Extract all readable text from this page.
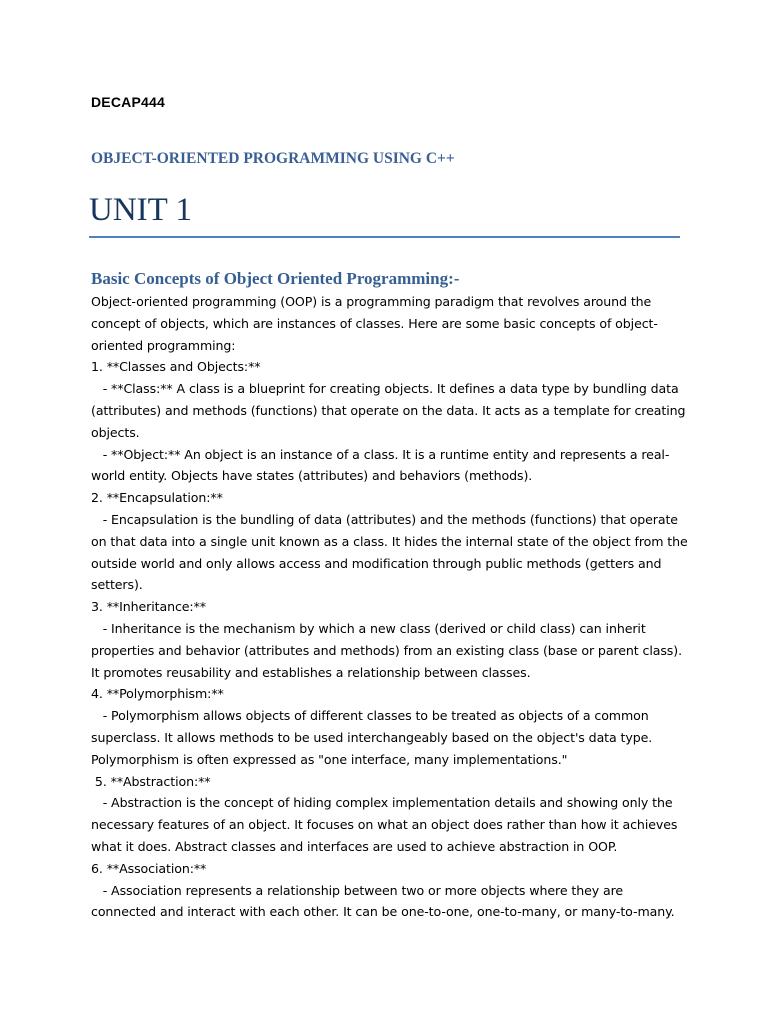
DECAP444
OBJECT-ORIENTED PROGRAMMING USING C++
UNIT 1
Basic Concepts of Object Oriented Programming:-
Object-oriented programming (OOP) is a programming paradigm that revolves around the
concept of objects, which are instances of classes. Here are some basic concepts of object-
oriented programming:
1. **Classes and Objects:**
- **Class:** A class is a blueprint for creating objects. It defines a data type by bundling data
(attributes) and methods (functions) that operate on the data. It acts as a template for creating
objects.
- **Object:** An object is an instance of a class. It is a runtime entity and represents a real-
world entity. Objects have states (attributes) and behaviors (methods).
2. **Encapsulation:**
- Encapsulation is the bundling of data (attributes) and the methods (functions) that operate
on that data into a single unit known as a class. It hides the internal state of the object from the
outside world and only allows access and modification through public methods (getters and
setters).
3. **Inheritance:**
- Inheritance is the mechanism by which a new class (derived or child class) can inherit
properties and behavior (attributes and methods) from an existing class (base or parent class).
It promotes reusability and establishes a relationship between classes.
4. **Polymorphism:**
- Polymorphism allows objects of different classes to be treated as objects of a common
superclass. It allows methods to be used interchangeably based on the object's data type.
Polymorphism is often expressed as "one interface, many implementations."
5. **Abstraction:**
- Abstraction is the concept of hiding complex implementation details and showing only the
necessary features of an object. It focuses on what an object does rather than how it achieves
what it does. Abstract classes and interfaces are used to achieve abstraction in OOP.
6. **Association:**
- Association represents a relationship between two or more objects where they are
connected and interact with each other. It can be one-to-one, one-to-many, or many-to-many.
